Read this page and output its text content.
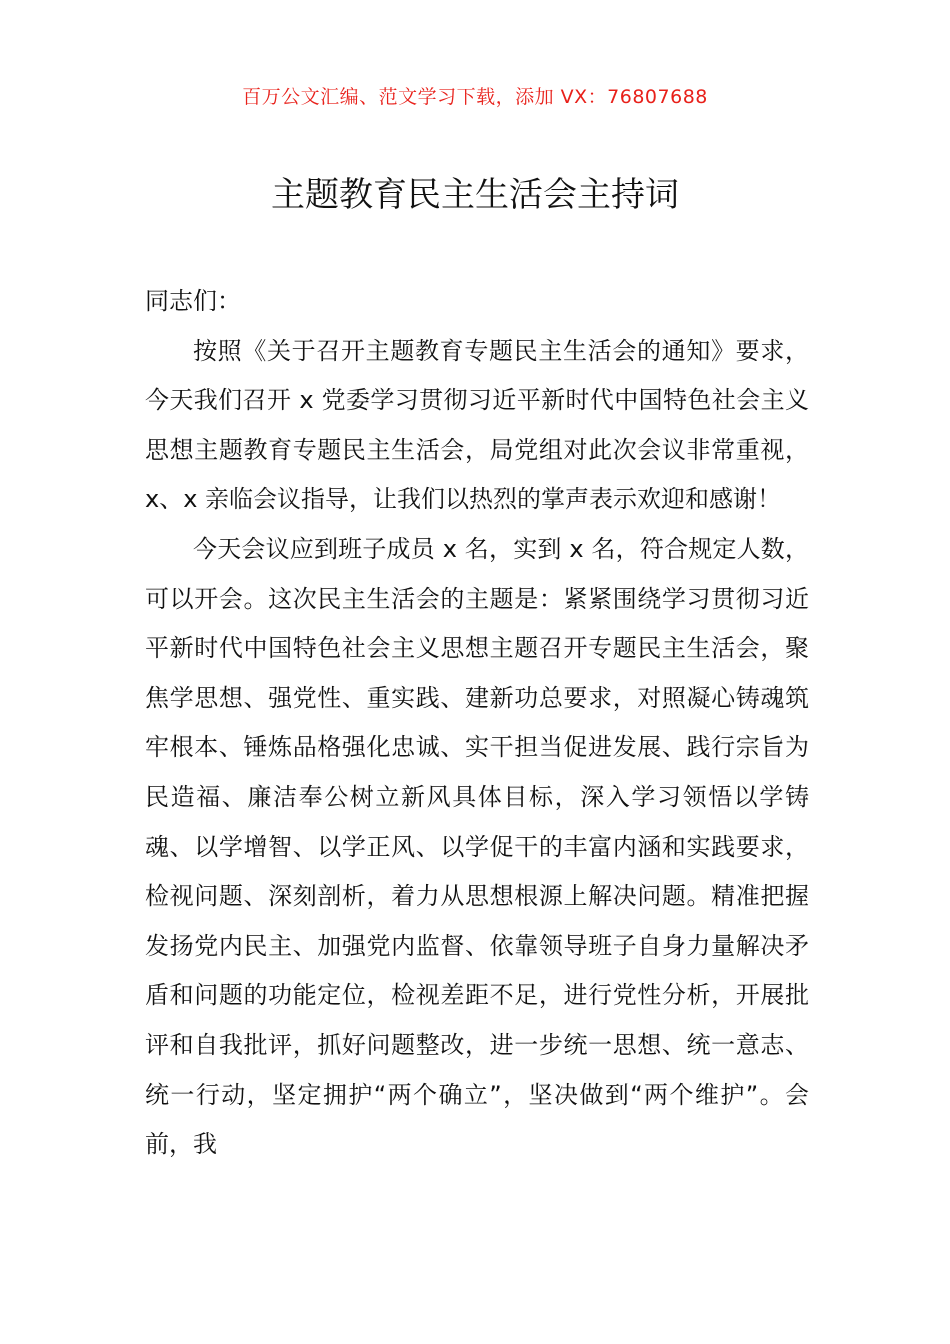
百万公文汇编、范文学习下载，添加 VX：76807688
主题教育民主生活会主持词

同志们：

按照《关于召开主题教育专题民主生活会的通知》要求，今天我们召开 x 党委学习贯彻习近平新时代中国特色社会主义思想主题教育专题民主生活会，局党组对此次会议非常重视，x、x 亲临会议指导，让我们以热烈的掌声表示欢迎和感谢！

今天会议应到班子成员 x 名，实到 x 名，符合规定人数，可以开会。这次民主生活会的主题是：紧紧围绕学习贯彻习近平新时代中国特色社会主义思想主题召开专题民主生活会，聚焦学思想、强党性、重实践、建新功总要求，对照凝心铸魂筑牢根本、锤炼品格强化忠诚、实干担当促进发展、践行宗旨为民造福、廉洁奉公树立新风具体目标，深入学习领悟以学铸魂、以学增智、以学正风、以学促干的丰富内涵和实践要求，检视问题、深刻剖析，着力从思想根源上解决问题。精准把握发扬党内民主、加强党内监督、依靠领导班子自身力量解决矛盾和问题的功能定位，检视差距不足，进行党性分析，开展批评和自我批评，抓好问题整改，进一步统一思想、统一意志、统一行动，坚定拥护“两个确立”，坚决做到“两个维护”。会前，我
